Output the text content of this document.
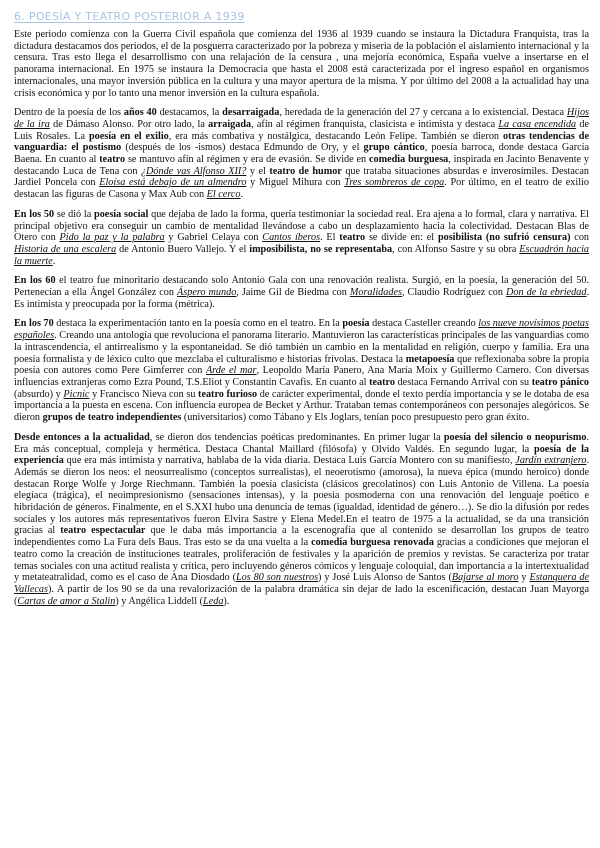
6. POESÍA Y TEATRO POSTERIOR A 1939
Este periodo comienza con la Guerra Civil española que comienza del 1936 al 1939 cuando se instaura la Dictadura Franquista, tras la dictadura destacamos dos periodos, el de la posguerra caracterizado por la pobreza y miseria de la población el aislamiento internacional y la censura. Tras esto llega el desarrollismo con una relajación de la censura , una mejoría económica, España vuelve a insertarse en el panorama internacional. En 1975 se instaura la Democracia que hasta el 2008 está caracterizada por el ingreso español en organismos internacionales, una mayor inversión pública en la cultura y una mayor apertura de la misma. Y por último del 2008 a la actualidad hay una crisis económica y por lo tanto una menor inversión en la cultura española.
Dentro de la poesía de los años 40 destacamos, la desarraigada, heredada de la generación del 27 y cercana a lo existencial. Destaca Hijos de la ira de Dámaso Alonso. Por otro lado, la arraigada, afín al régimen franquista, clasicista e intimista y destaca La casa encendida de Luis Rosales. La poesía en el exilio, era más combativa y nostálgica, destacando León Felipe. También se dieron otras tendencias de vanguardia: el postismo (después de los -ismos) destaca Edmundo de Ory, y el grupo cántico, poesía barroca, donde destaca García Baena. En cuanto al teatro se mantuvo afín al régimen y era de evasión. Se divide en comedia burguesa, inspirada en Jacinto Benavente y destacando Luca de Tena con ¿Dónde vas Alfonso XII? y el teatro de humor que trataba situaciones absurdas e inverosímiles. Destacan Jardiel Poncela con Eloísa está debajo de un almendro y Miguel Mihura con Tres sombreros de copa. Por último, en el teatro de exilio destacan las figuras de Casona y Max Aub con El cerco.
En los 50 se dió la poesía social que dejaba de lado la forma, quería testimoniar la sociedad real. Era ajena a lo formal, clara y narrativa. El principal objetivo era conseguir un cambio de mentalidad llevándose a cabo un desplazamiento hacia la colectividad. Destacan Blas de Otero con Pido la paz y la palabra y Gabriel Celaya con Cantos íberos. El teatro se divide en: el posibilista (no sufrió censura) con Historia de una escalera de Antonio Buero Vallejo. Y el imposibilista, no se representaba, con Alfonso Sastre y su obra Escuadrón hacia la muerte.
En los 60 el teatro fue minoritario destacando solo Antonio Gala con una renovación realista. Surgió, en la poesía, la generación del 50. Pertenecían a ella Ángel González con Áspero mundo, Jaime Gil de Biedma con Moralidades, Claudio Rodríguez con Don de la ebriedad. Es intimista y preocupada por la forma (métrica).
En los 70 destaca la experimentación tanto en la poesía como en el teatro. En la poesía destaca Casteller creando los nueve novísimos poetas españoles. Creando una antología que revoluciona el panorama literario. Mantuvieron las características principales de las vanguardias como la intrascendencia, el antirrealismo y la espontaneidad. Se dió también un cambio en la mentalidad en religión, cuerpo y familia. Era una poesía formalista y de léxico culto que mezclaba el culturalismo e historias frívolas. Destaca la metapoesía que reflexionaba sobre la propia poesía con autores como Pere Gimferrer con Arde el mar, Leopoldo María Panero, Ana María Moix y Guillermo Carnero. Con diversas influencias extranjeras como Ezra Pound, T.S.Eliot y Constantin Cavafis. En cuanto al teatro destaca Fernando Arrival con su teatro pánico (absurdo) y Picnic y Francisco Nieva con su teatro furioso de carácter experimental, donde el texto perdía importancia y se le dotaba de esa importancia a la puesta en escena. Con influencia europea de Becket y Arthur. Trataban temas contemporáneos con personajes alegóricos. Se dieron grupos de teatro independientes (universitarios) como Tábano y Els Joglars, tenían poco presupuesto pero gran éxito.
Desde entonces a la actualidad, se dieron dos tendencias poéticas predominantes. En primer lugar la poesía del silencio o neopurismo. Era más conceptual, compleja y hermética. Destaca Chantal Maillard (filósofa) y Olvido Valdés. En segundo lugar, la poesía de la experiencia que era más intimista y narrativa, hablaba de la vida diaria. Destaca Luis García Montero con su manifiesto, Jardín extranjero. Además se dieron los neos: el neosurrealismo (conceptos surrealistas), el neoerotismo (amorosa), la nueva épica (mundo heroico) donde destacan Rorge Wolfe y Jorge Riechmann. También la poesía clasicista (clásicos grecolatinos) con Luis Antonio de Villena. La poesía elegíaca (trágica), el neoimpresionismo (sensaciones intensas), y la poesía posmoderna con una renovación del lenguaje poético e hibridación de géneros. Finalmente, en el S.XXI hubo una denuncia de temas (igualdad, identidad de género…). Se dio la difusión por redes sociales y los autores más representativos fueron Elvira Sastre y Elena Medel.En el teatro de 1975 a la actualidad, se da una transición gracias al teatro espectacular que le daba más importancia a la escenografía que al contenido se desarrollan los grupos de teatro independientes como La Fura dels Baus. Tras esto se da una vuelta a la comedia burguesa renovada gracias a condiciones que mejoran el teatro como la creación de instituciones teatrales, proliferación de festivales y la aparición de premios y revistas. Se caracteriza por tratar temas sociales con una actitud realista y crítica, pero incluyendo géneros cómicos y lenguaje coloquial, dan importancia a la intertextualidad y metateatralidad, como es el caso de Ana Diosdado (Los 80 son nuestros) y José Luis Alonso de Santos (Bajarse al moro y Estanquera de Vallecas). A partir de los 90 se da una revalorización de la palabra dramática sin dejar de lado la escenificación, destacan Juan Mayorga (Cartas de amor a Stalin) y Angélica Liddell (Leda).
